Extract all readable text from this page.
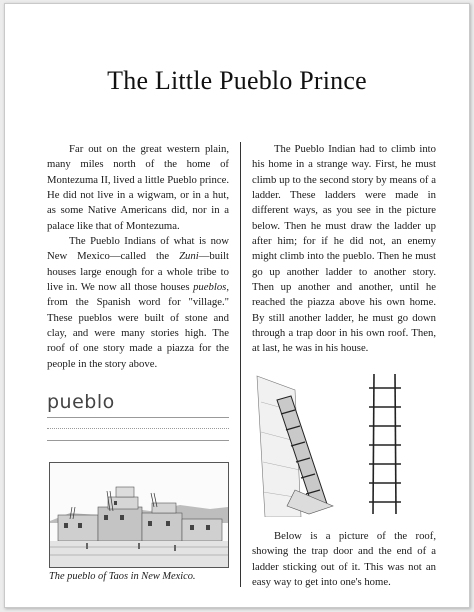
The Little Pueblo Prince

Far out on the great western plain, many miles north of the home of Montezuma II, lived a little Pueblo prince. He did not live in a wigwam, or in a hut, as some Native Americans did, nor in a palace like that of Montezuma.

The Pueblo Indians of what is now New Mexico—called the Zuni—built houses large enough for a whole tribe to live in. We now all those houses pueblos, from the Spanish word for "village." These pueblos were built of stone and clay, and were many stories high. The roof of one story made a piazza for the people in the story above.

pueblo
The pueblo of Taos in New Mexico.

The Pueblo Indian had to climb into his home in a strange way. First, he must climb up to the second story by means of a ladder. These ladders were made in different ways, as you see in the picture below. Then he must draw the ladder up after him; for if he did not, an enemy might climb into the pueblo. Then he must go up another ladder to another story. Then up another and another, until he reached the piazza above his own home. By still another ladder, he must go down through a trap door in his own roof. Then, at last, he was in his house.

Below is a picture of the roof, showing the trap door and the end of a ladder sticking out of it. This was not an easy way to get into one's home.
